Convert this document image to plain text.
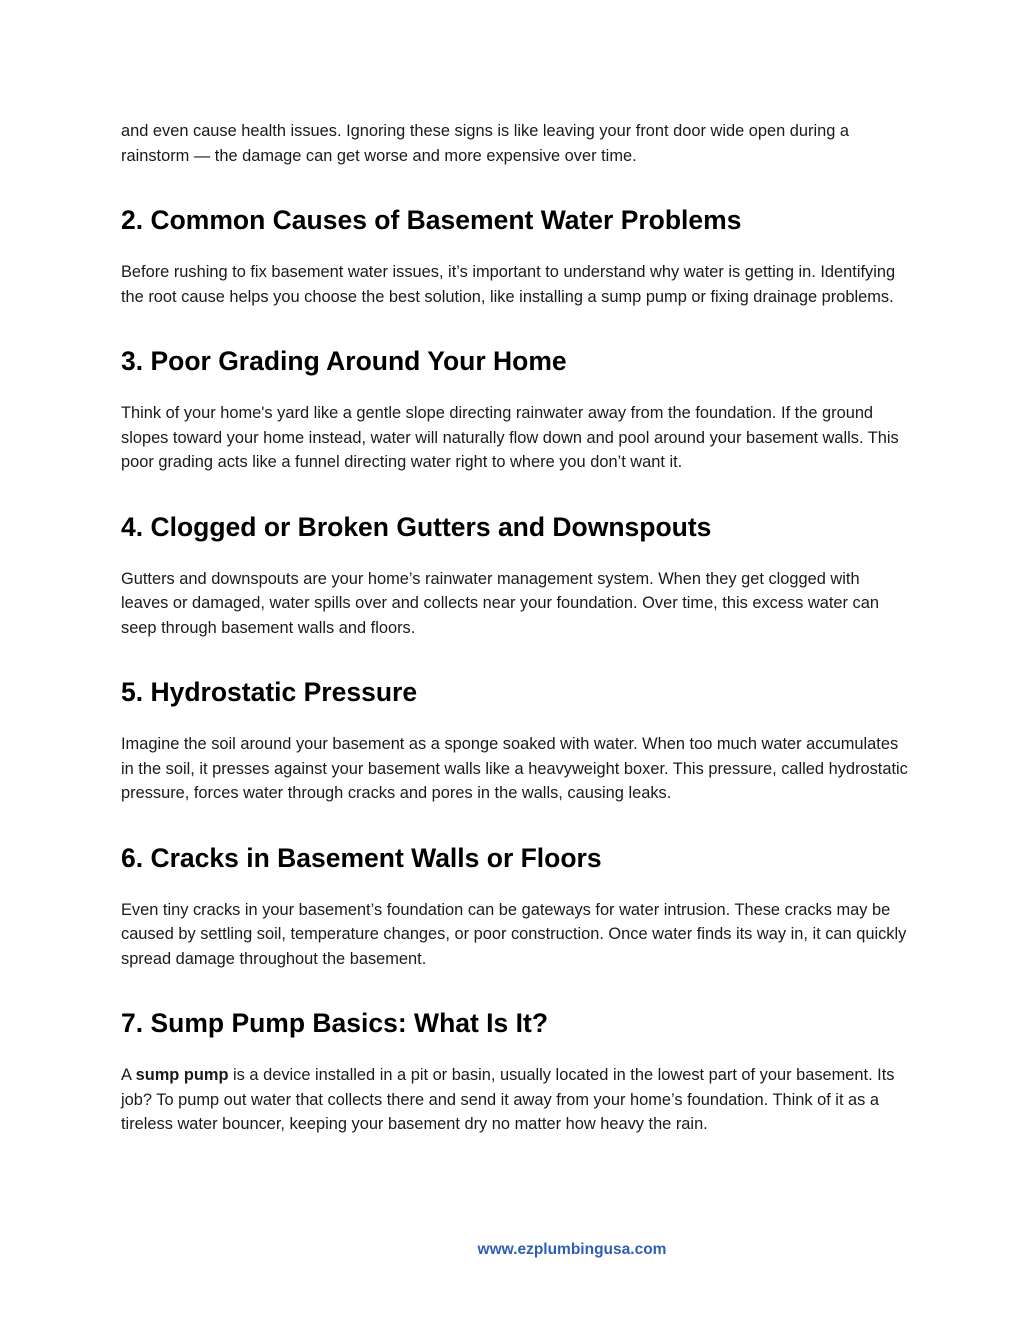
and even cause health issues. Ignoring these signs is like leaving your front door wide open during a rainstorm — the damage can get worse and more expensive over time.

2. Common Causes of Basement Water Problems

Before rushing to fix basement water issues, it’s important to understand why water is getting in. Identifying the root cause helps you choose the best solution, like installing a sump pump or fixing drainage problems.

3. Poor Grading Around Your Home

Think of your home's yard like a gentle slope directing rainwater away from the foundation. If the ground slopes toward your home instead, water will naturally flow down and pool around your basement walls. This poor grading acts like a funnel directing water right to where you don’t want it.

4. Clogged or Broken Gutters and Downspouts

Gutters and downspouts are your home’s rainwater management system. When they get clogged with leaves or damaged, water spills over and collects near your foundation. Over time, this excess water can seep through basement walls and floors.

5. Hydrostatic Pressure

Imagine the soil around your basement as a sponge soaked with water. When too much water accumulates in the soil, it presses against your basement walls like a heavyweight boxer. This pressure, called hydrostatic pressure, forces water through cracks and pores in the walls, causing leaks.

6. Cracks in Basement Walls or Floors

Even tiny cracks in your basement’s foundation can be gateways for water intrusion. These cracks may be caused by settling soil, temperature changes, or poor construction. Once water finds its way in, it can quickly spread damage throughout the basement.

7. Sump Pump Basics: What Is It?

A sump pump is a device installed in a pit or basin, usually located in the lowest part of your basement. Its job? To pump out water that collects there and send it away from your home’s foundation. Think of it as a tireless water bouncer, keeping your basement dry no matter how heavy the rain.

www.ezplumbingusa.com
